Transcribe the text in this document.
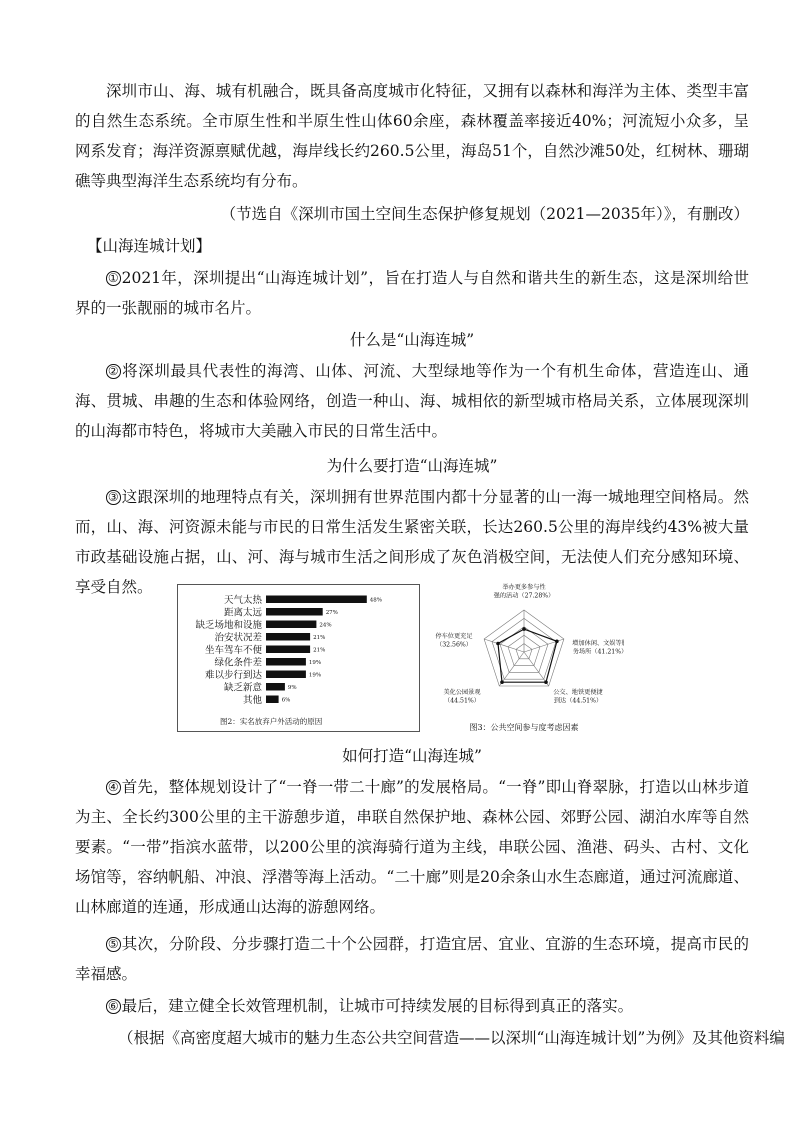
深圳市山、海、城有机融合，既具备高度城市化特征，又拥有以森林和海洋为主体、类型丰富的自然生态系统。全市原生性和半原生性山体60余座，森林覆盖率接近40%；河流短小众多，呈网系发育；海洋资源禀赋优越，海岸线长约260.5公里，海岛51个，自然沙滩50处，红树林、珊瑚礁等典型海洋生态系统均有分布。

（节选自《深圳市国土空间生态保护修复规划（2021—2035年）》，有删改）

【山海连城计划】

① 2021年，深圳提出“山海连城计划”，旨在打造人与自然和谐共生的新生态，这是深圳给世界的一张靓丽的城市名片。

什么是“山海连城”

② 将深圳最具代表性的海湾、山体、河流、大型绿地等作为一个有机生命体，营造连山、通海、贯城、串趣的生态和体验网络，创造一种山、海、城相依的新型城市格局关系，立体展现深圳的山海都市特色，将城市大美融入市民的日常生活中。

为什么要打造“山海连城”

③ 这跟深圳的地理特点有关，深圳拥有世界范围内都十分显著的山一海一城地理空间格局。然而，山、海、河资源未能与市民的日常生活发生紧密关联，长达260.5公里的海岸线约43%被大量市政基础设施占据，山、河、海与城市生活之间形成了灰色消极空间，无法使人们充分感知环境、享受自然。

天气太热	48%
距离太远	27%
缺乏场地和设施	24%
治安状况差	21%
坐车驾车不便	21%
绿化条件差	19%
难以步行到达	19%
缺乏新意	9%
其他	6%
图2：实名放弃户外活动的原因
举办更多参与性
强的活动（27.28%）
增加休闲、文娱等服
务场所（41.21%）
公交、地铁更便捷
到达（44.51%）
美化公园景观
（44.51%）
停车位更充足
（32.56%）
图3：公共空间参与度考虑因素

如何打造“山海连城”

④ 首先，整体规划设计了“一脊一带二十廊”的发展格局。“一脊”即山脊翠脉，打造以山林步道为主、全长约300公里的主干游憩步道，串联自然保护地、森林公园、郊野公园、湖泊水库等自然要素。“一带”指滨水蓝带，以200公里的滨海骑行道为主线，串联公园、渔港、码头、古村、文化场馆等，容纳帆船、冲浪、浮潜等海上活动。“二十廊”则是20余条山水生态廊道，通过河流廊道、山林廊道的连通，形成通山达海的游憩网络。

⑤ 其次，分阶段、分步骤打造二十个公园群，打造宜居、宜业、宜游的生态环境，提高市民的幸福感。

⑥ 最后，建立健全长效管理机制，让城市可持续发展的目标得到真正的落实。

（根据《高密度超大城市的魅力生态公共空间营造——以深圳“山海连城计划”为例》及其他资料编
